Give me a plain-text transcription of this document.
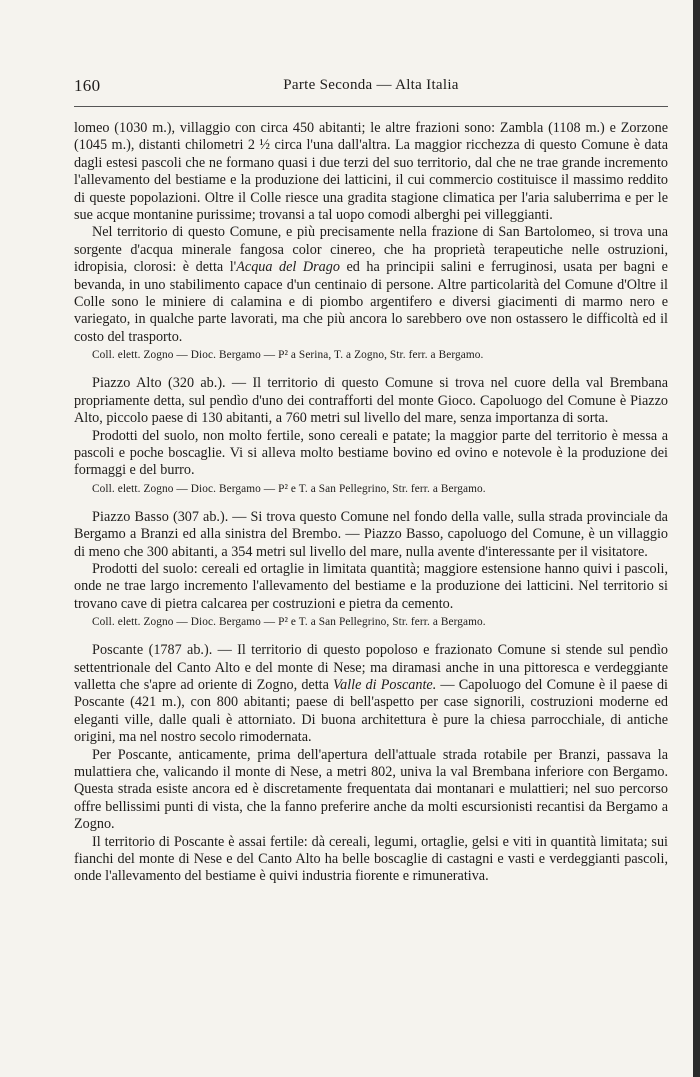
160	Parte Seconda — Alta Italia

lomeo (1030 m.), villaggio con circa 450 abitanti; le altre frazioni sono: Zambla (1108 m.) e Zorzone (1045 m.), distanti chilometri 2 ½ circa l'una dall'altra. La maggior ricchezza di questo Comune è data dagli estesi pascoli che ne formano quasi i due terzi del suo territorio, dal che ne trae grande incremento l'allevamento del bestiame e la produzione dei latticini, il cui commercio costituisce il massimo reddito di queste popolazioni. Oltre il Colle riesce una gradita stagione climatica per l'aria saluberrima e per le sue acque montanine purissime; trovansi a tal uopo comodi alberghi pei villeggianti.

Nel territorio di questo Comune, e più precisamente nella frazione di San Bartolomeo, si trova una sorgente d'acqua minerale fangosa color cinereo, che ha proprietà terapeutiche nelle ostruzioni, idropisia, clorosi: è detta l'Acqua del Drago ed ha principii salini e ferruginosi, usata per bagni e bevanda, in uno stabilimento capace d'un centinaio di persone. Altre particolarità del Comune d'Oltre il Colle sono le miniere di calamina e di piombo argentifero e diversi giacimenti di marmo nero e variegato, in qualche parte lavorati, ma che più ancora lo sarebbero ove non ostassero le difficoltà ed il costo del trasporto.

Coll. elett. Zogno — Dioc. Bergamo — P² a Serina, T. a Zogno, Str. ferr. a Bergamo.

Piazzo Alto (320 ab.). — Il territorio di questo Comune si trova nel cuore della val Brembana propriamente detta, sul pendìo d'uno dei contrafforti del monte Gioco. Capoluogo del Comune è Piazzo Alto, piccolo paese di 130 abitanti, a 760 metri sul livello del mare, senza importanza di sorta.

Prodotti del suolo, non molto fertile, sono cereali e patate; la maggior parte del territorio è messa a pascoli e poche boscaglie. Vi si alleva molto bestiame bovino ed ovino e notevole è la produzione dei formaggi e del burro.

Coll. elett. Zogno — Dioc. Bergamo — P² e T. a San Pellegrino, Str. ferr. a Bergamo.

Piazzo Basso (307 ab.). — Si trova questo Comune nel fondo della valle, sulla strada provinciale da Bergamo a Branzi ed alla sinistra del Brembo. — Piazzo Basso, capoluogo del Comune, è un villaggio di meno che 300 abitanti, a 354 metri sul livello del mare, nulla avente d'interessante per il visitatore.

Prodotti del suolo: cereali ed ortaglie in limitata quantità; maggiore estensione hanno quivi i pascoli, onde ne trae largo incremento l'allevamento del bestiame e la produzione dei latticini. Nel territorio si trovano cave di pietra calcarea per costruzioni e pietra da cemento.

Coll. elett. Zogno — Dioc. Bergamo — P² e T. a San Pellegrino, Str. ferr. a Bergamo.

Poscante (1787 ab.). — Il territorio di questo popoloso e frazionato Comune si stende sul pendìo settentrionale del Canto Alto e del monte di Nese; ma diramasi anche in una pittoresca e verdeggiante valletta che s'apre ad oriente di Zogno, detta Valle di Poscante. — Capoluogo del Comune è il paese di Poscante (421 m.), con 800 abitanti; paese di bell'aspetto per case signorili, costruzioni moderne ed eleganti ville, dalle quali è attorniato. Di buona architettura è pure la chiesa parrocchiale, di antiche origini, ma nel nostro secolo rimodernata.

Per Poscante, anticamente, prima dell'apertura dell'attuale strada rotabile per Branzi, passava la mulattiera che, valicando il monte di Nese, a metri 802, univa la val Brembana inferiore con Bergamo. Questa strada esiste ancora ed è discretamente frequentata dai montanari e mulattieri; nel suo percorso offre bellissimi punti di vista, che la fanno preferire anche da molti escursionisti recantisi da Bergamo a Zogno.

Il territorio di Poscante è assai fertile: dà cereali, legumi, ortaglie, gelsi e viti in quantità limitata; sui fianchi del monte di Nese e del Canto Alto ha belle boscaglie di castagni e vasti e verdeggianti pascoli, onde l'allevamento del bestiame è quivi industria fiorente e rimunerativa.
